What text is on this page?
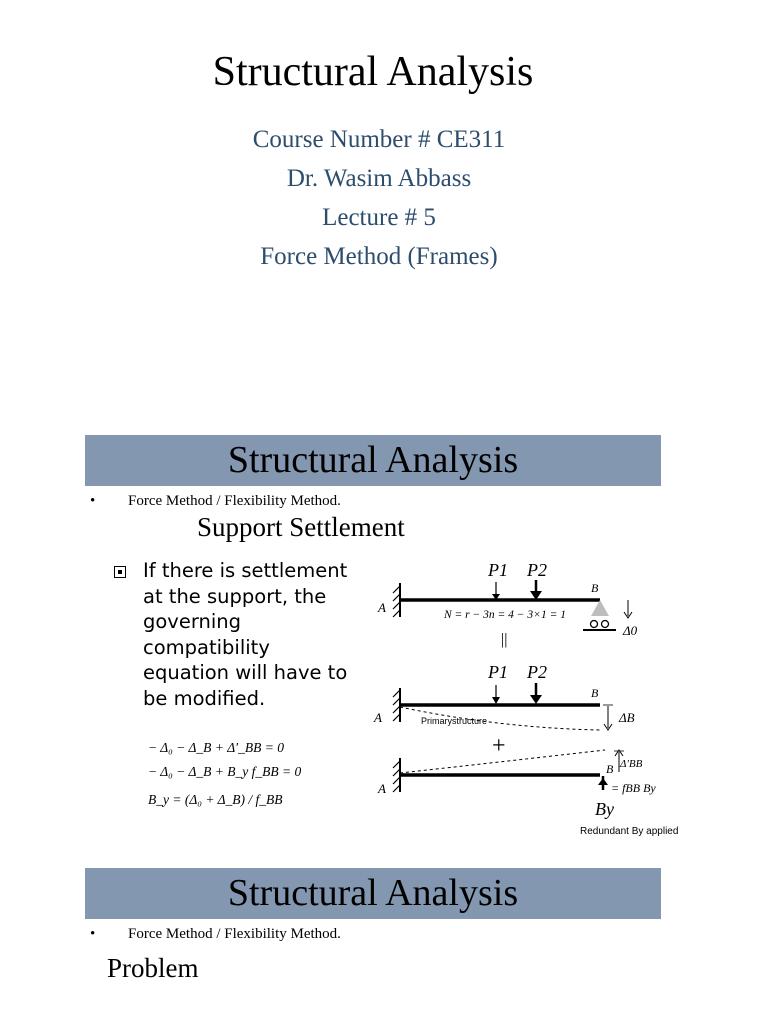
Structural Analysis
Course Number # CE311
Dr. Wasim Abbass
Lecture # 5
Force Method (Frames)
Structural Analysis
• Force Method / Flexibility Method.
Support Settlement
If there is settlement at the support, the governing compatibility equation will have to be modified.
− Δ₀ − Δ_B + Δ′_BB = 0
− Δ₀ − Δ_B + B_y f_BB = 0
B_y = (Δ₀ + Δ_B) / f_BB
A
P1 P2
B
N = r − 3n = 4 − 3×1 = 1
Δ0
||
A
P1 P2
B
Primarystructure	ΔB
+
A
B Δ′BB
= fBB By
By
Redundant By applied
Structural Analysis
• Force Method / Flexibility Method.
Problem
